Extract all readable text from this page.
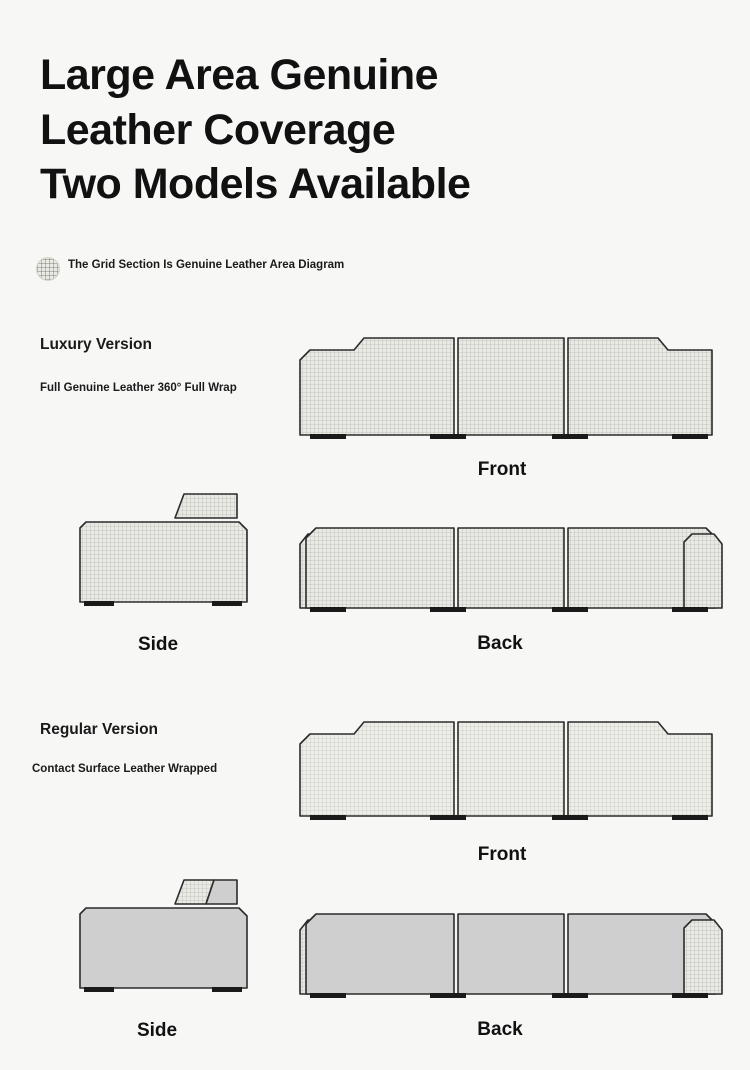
Large Area Genuine
Leather Coverage
Two Models Available
The Grid Section Is Genuine Leather Area Diagram
Luxury Version
Full Genuine Leather 360° Full Wrap
Front
Side	Back
Regular Version
Contact Surface Leather Wrapped
Front
Side	Back
